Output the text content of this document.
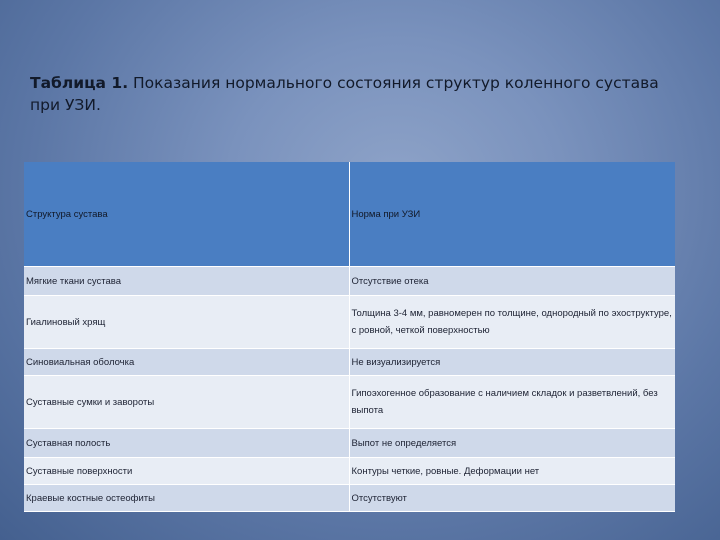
Таблица 1. Показания нормального состояния структур коленного сустава при УЗИ.
Структура сустава	Норма при УЗИ
Мягкие ткани сустава	Отсутствие отека
Гиалиновый хрящ	Толщина 3-4 мм, равномерен по толщине, однородный по эхоструктуре, с ровной, четкой поверхностью
Синовиальная оболочка	Не визуализируется
Суставные сумки и завороты	Гипоэхогенное образование с наличием складок и разветвлений, без выпота
Суставная полость	Выпот не определяется
Суставные поверхности	Контуры четкие, ровные. Деформации нет
Краевые костные остеофиты	Отсутствуют
